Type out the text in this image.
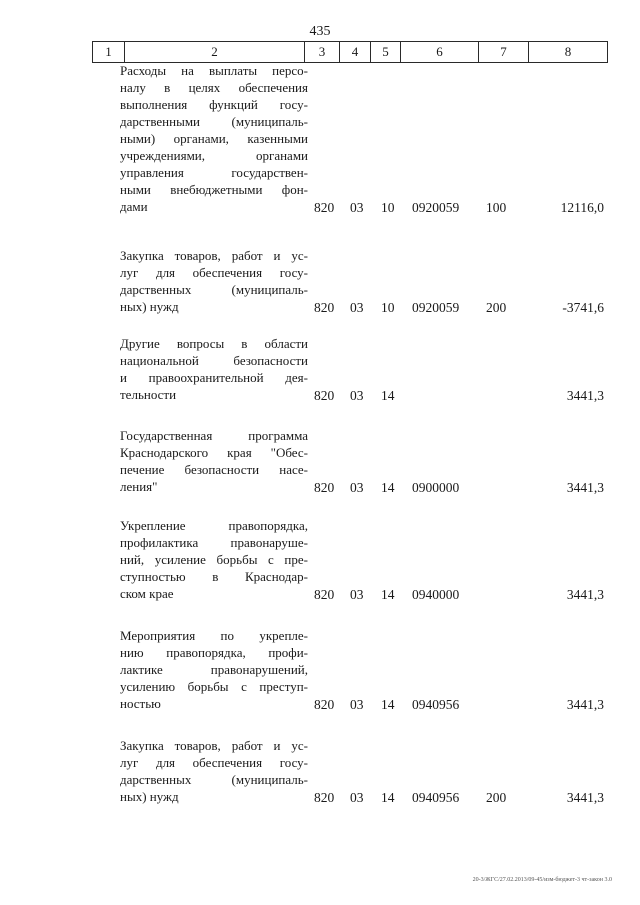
435
1	2	3	4	5	6	7	8
Расходы на выплаты персо-
налу в целях обеспечения
выполнения функций госу-
дарственными (муниципаль-
ными) органами, казенными
учреждениями, органами
управления государствен-
ными внебюджетными фон-
дами	820 03 10 0920059 100	12116,0
Закупка товаров, работ и ус-
луг для обеспечения госу-
дарственных (муниципаль-
ных) нужд	820 03 10 0920059 200	-3741,6
Другие вопросы в области
национальной безопасности
и правоохранительной дея-
тельности	820 03 14	3441,3
Государственная программа
Краснодарского края "Обес-
печение безопасности насе-
ления"	820 03 14 0900000	3441,3
Укрепление правопорядка,
профилактика правонаруше-
ний, усиление борьбы с пре-
ступностью в Краснодар-
ском крае	820 03 14 0940000	3441,3
Мероприятия по укрепле-
нию правопорядка, профи-
лактике правонарушений,
усилению борьбы с преступ-
ностью	820 03 14 0940956	3441,3
Закупка товаров, работ и ус-
луг для обеспечения госу-
дарственных (муниципаль-
ных) нужд	820 03 14 0940956 200	3441,3
20-3/ЖГС/27.02.2013/09-45/изм-бюджет-3 чт-закон 3.0
